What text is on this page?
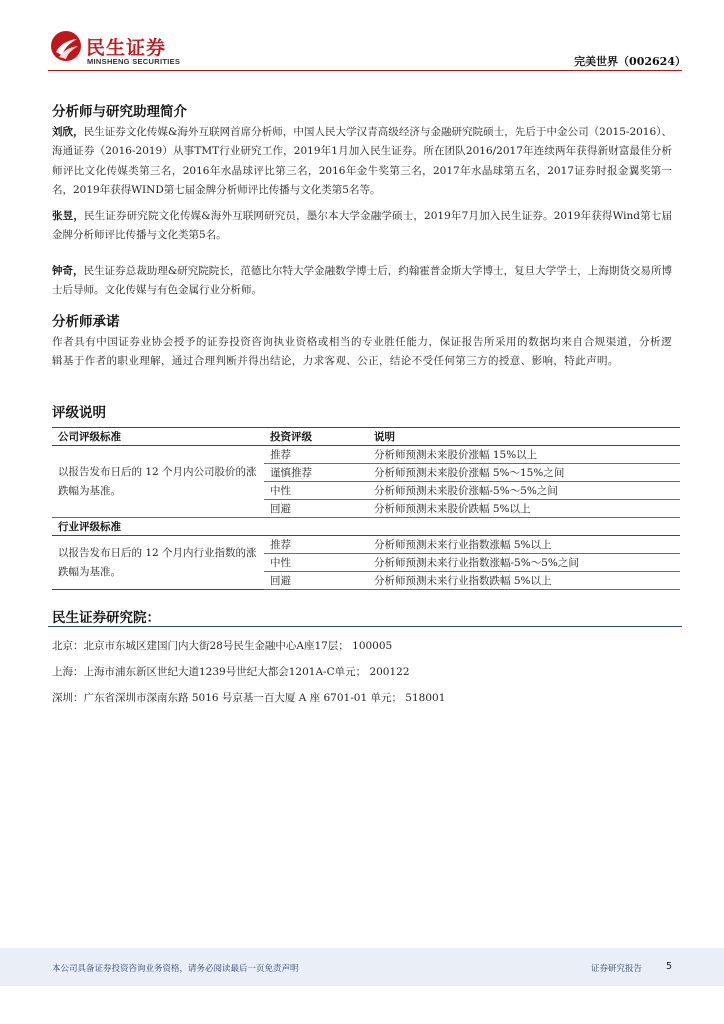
民生证券
MINSHENG SECURITIES	完美世界（002624）
分析师与研究助理简介
刘欣，民生证券文化传媒&海外互联网首席分析师，中国人民大学汉青高级经济与金融研究院硕士，先后于中金公司（2015-2016）、海通证券（2016-2019）从事TMT行业研究工作，2019年1月加入民生证券。所在团队2016/2017年连续两年获得新财富最佳分析师评比文化传媒类第三名，2016年水晶球评比第三名，2016年金牛奖第三名，2017年水晶球第五名，2017证券时报金翼奖第一名，2019年获得WIND第七届金牌分析师评比传播与文化类第5名等。
张昱，民生证券研究院文化传媒&海外互联网研究员，墨尔本大学金融学硕士，2019年7月加入民生证券。2019年获得Wind第七届金牌分析师评比传播与文化类第5名。
钟奇，民生证券总裁助理&研究院院长，范德比尔特大学金融数学博士后，约翰霍普金斯大学博士，复旦大学学士，上海期货交易所博士后导师。文化传媒与有色金属行业分析师。
分析师承诺
作者具有中国证券业协会授予的证券投资咨询执业资格或相当的专业胜任能力，保证报告所采用的数据均来自合规渠道，分析逻辑基于作者的职业理解，通过合理判断并得出结论，力求客观、公正，结论不受任何第三方的授意、影响，特此声明。
评级说明
公司评级标准	投资评级	说明
以报告发布日后的 12 个月内公司股价的涨跌幅为基准。	推荐	分析师预测未来股价涨幅 15%以上
	谨慎推荐	分析师预测未来股价涨幅 5%～15%之间
	中性	分析师预测未来股价涨幅-5%～5%之间
	回避	分析师预测未来股价跌幅 5%以上
行业评级标准		
以报告发布日后的 12 个月内行业指数的涨跌幅为基准。	推荐	分析师预测未来行业指数涨幅 5%以上
	中性	分析师预测未来行业指数涨幅-5%～5%之间
	回避	分析师预测未来行业指数跌幅 5%以上
民生证券研究院：
北京：北京市东城区建国门内大街28号民生金融中心A座17层； 100005
上海：上海市浦东新区世纪大道1239号世纪大都会1201A-C单元； 200122
深圳：广东省深圳市深南东路 5016 号京基一百大厦 A 座 6701-01 单元； 518001
本公司具备证券投资咨询业务资格，请务必阅读最后一页免责声明	证券研究报告	5
